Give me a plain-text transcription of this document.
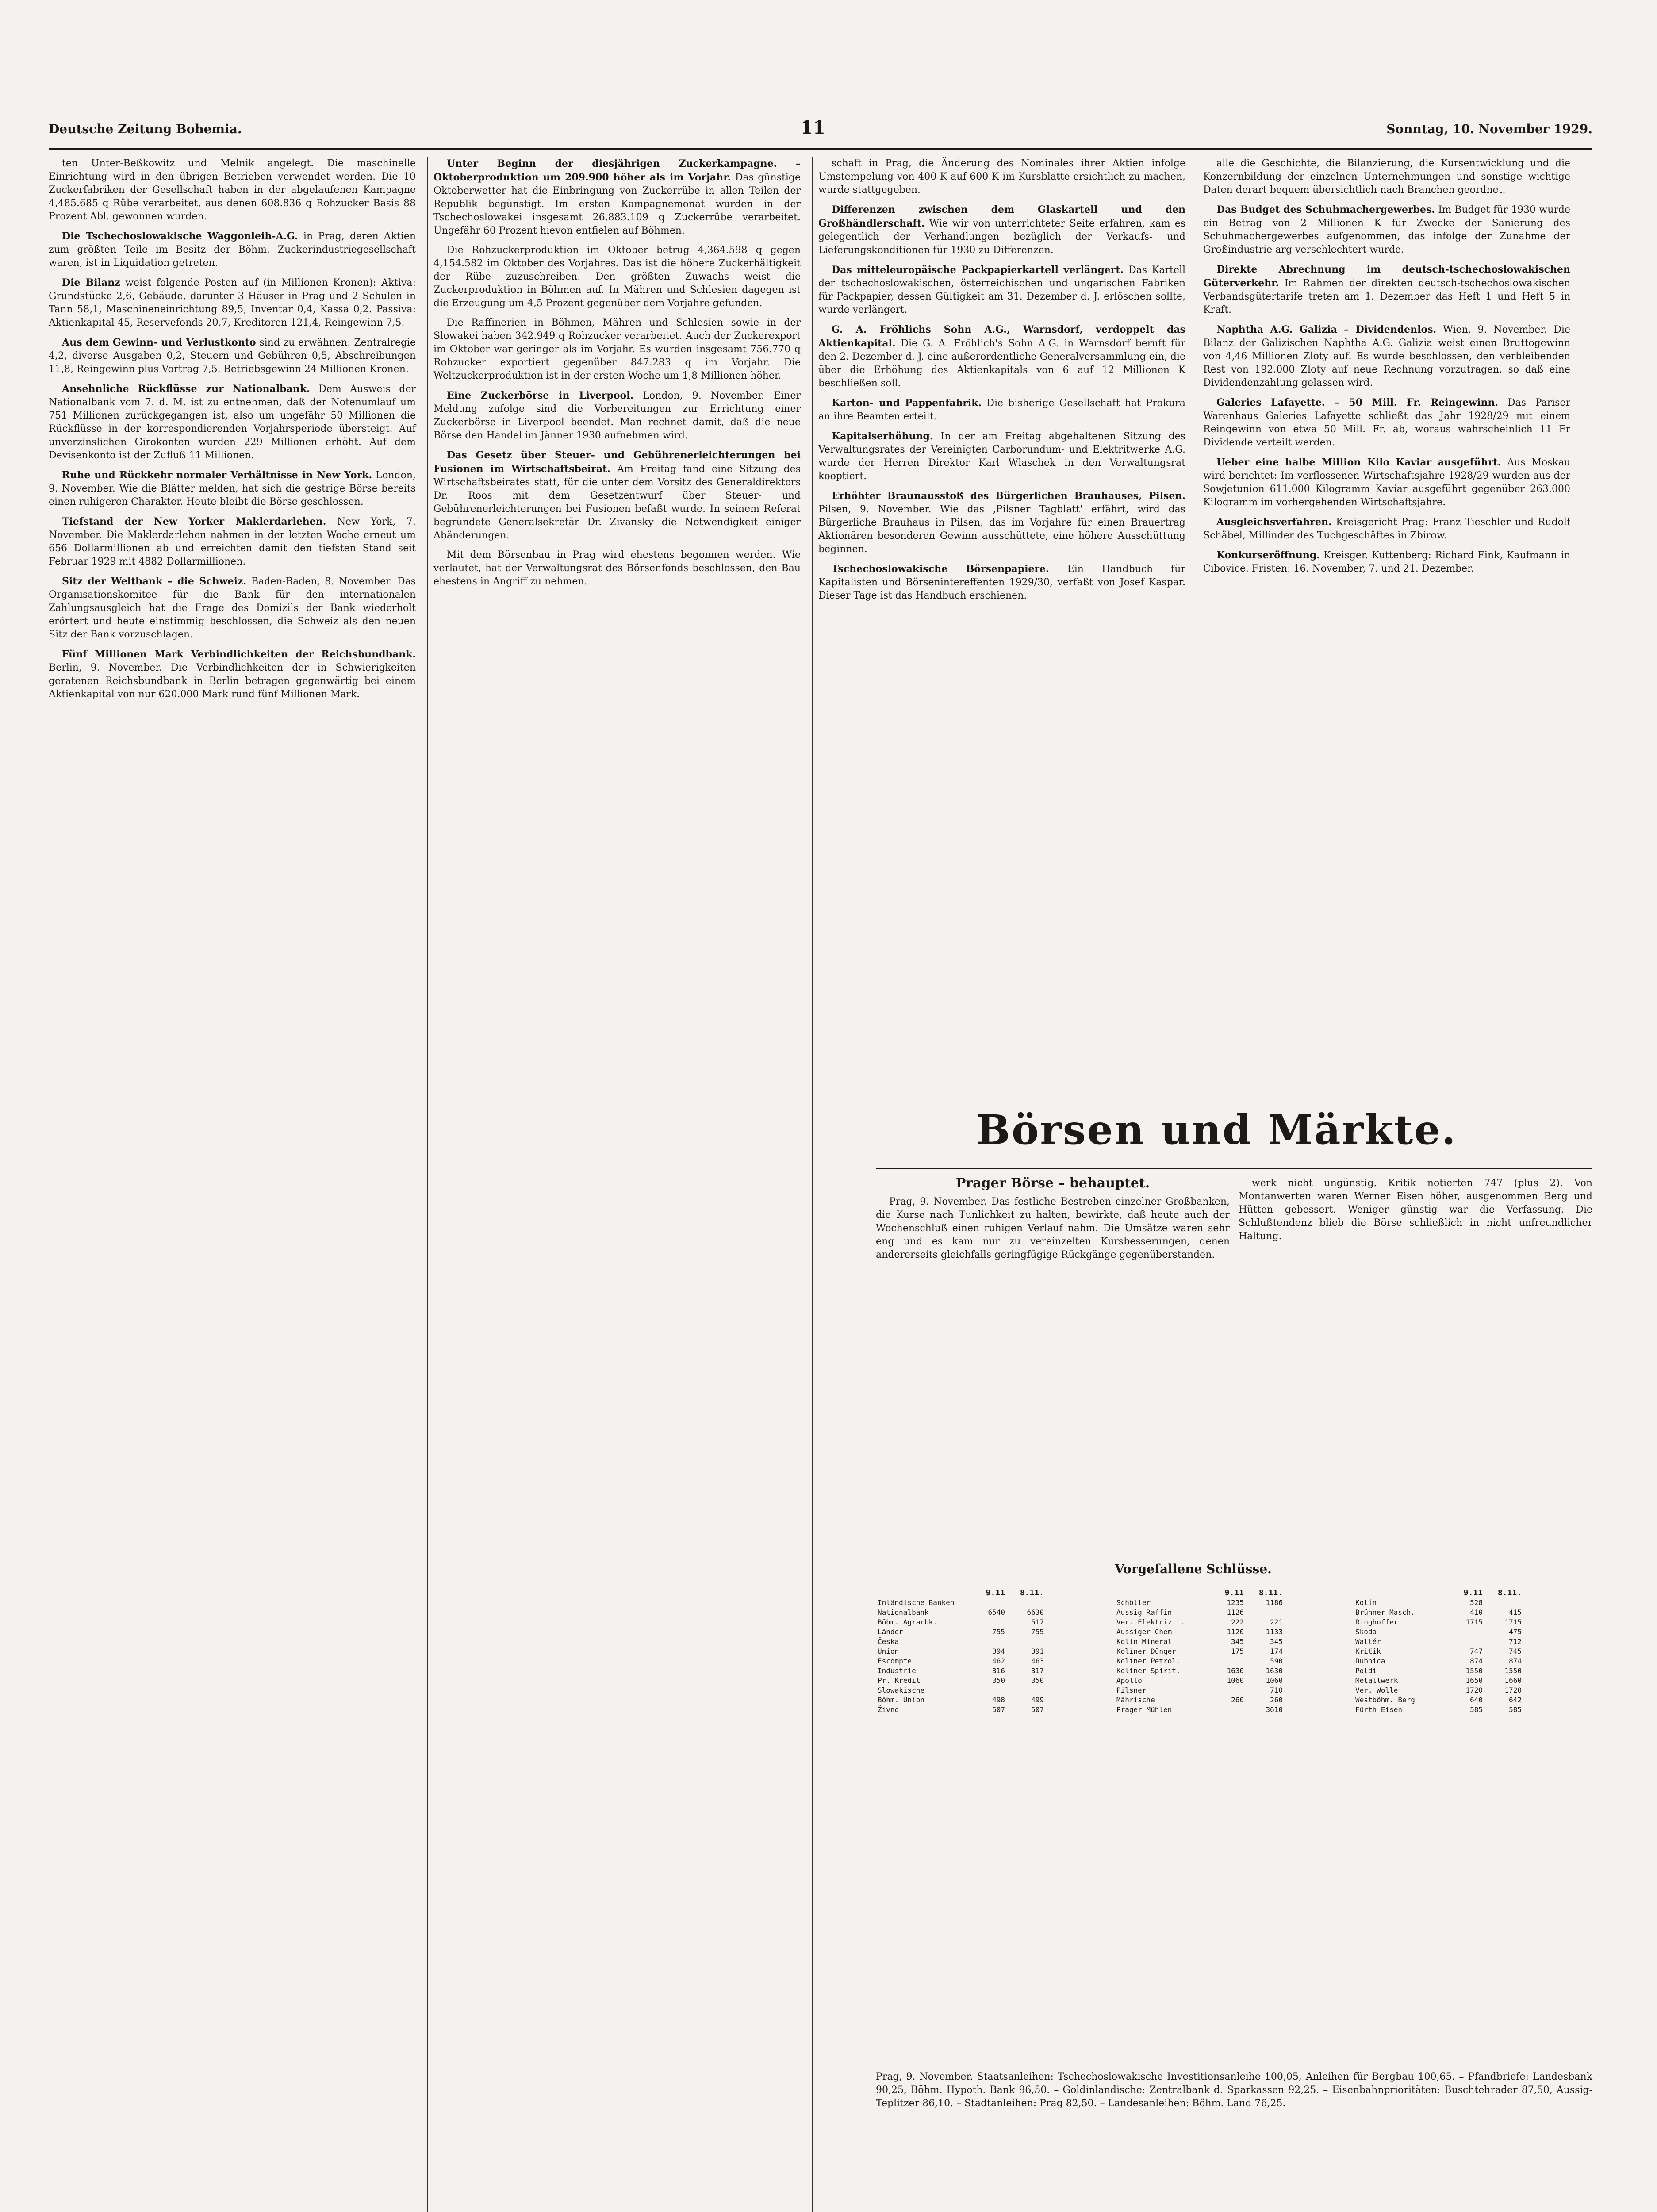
Deutsche Zeitung Bohemia.	11	Sonntag, 10. November 1929.

ten Unter-Beßkowitz und Melnik angelegt. Die maschinelle Einrichtung wird in den übrigen Betrieben verwendet werden. Die 10 Zuckerfabriken der Gesellschaft haben in der abgelaufenen Kampagne 4,485.685 q Rübe verarbeitet, aus denen 608.836 q Rohzucker Basis 88 Prozent Abl. gewonnen wurden.

Die Tschechoslowakische Waggonleih-A.G. in Prag, deren Aktien zum größten Teile im Besitz der Böhm. Zuckerindustriegesellschaft waren, ist in Liquidation getreten.

Die Bilanz weist folgende Posten auf (in Millionen Kronen): Aktiva: Grundstücke 2,6, Gebäude, darunter 3 Häuser in Prag und 2 Schulen in Tann 58,1, Maschineneinrichtung 89,5, Inventar 0,4, Kassa 0,2. Passiva: Aktienkapital 45, Reservefonds 20,7, Kreditoren 121,4, Reingewinn 7,5.

Aus dem Gewinn- und Verlustkonto sind zu erwähnen: Zentralregie 4,2, diverse Ausgaben 0,2, Steuern und Gebühren 0,5, Abschreibungen 11,8, Reingewinn plus Vortrag 7,5, Betriebsgewinn 24 Millionen Kronen.

Ansehnliche Rückflüsse zur Nationalbank. Dem Ausweis der Nationalbank vom 7. d. M. ist zu entnehmen, daß der Notenumlauf um 751 Millionen zurückgegangen ist, also um ungefähr 50 Millionen die Rückflüsse in der korrespondierenden Vorjahrsperiode übersteigt. Auf unverzinslichen Girokonten wurden 229 Millionen erhöht. Auf dem Devisenkonto ist der Zufluß 11 Millionen.

Ruhe und Rückkehr normaler Verhältnisse in New York. London, 9. November. Wie die Blätter melden, hat sich die gestrige Börse bereits einen ruhigeren Charakter. Heute bleibt die Börse geschlossen.

Tiefstand der New Yorker Maklerdarlehen. New York, 7. November. Die Maklerdarlehen nahmen in der letzten Woche erneut um 656 Dollarmillionen ab und erreichten damit den tiefsten Stand seit Februar 1929 mit 4882 Dollarmillionen.

Sitz der Weltbank – die Schweiz. Baden-Baden, 8. November. Das Organisationskomitee für die Bank für den internationalen Zahlungsausgleich hat die Frage des Domizils der Bank wiederholt erörtert und heute einstimmig beschlossen, die Schweiz als den neuen Sitz der Bank vorzuschlagen.

Fünf Millionen Mark Verbindlichkeiten der Reichsbundbank. Berlin, 9. November. Die Verbindlichkeiten der in Schwierigkeiten geratenen Reichsbundbank in Berlin betragen gegenwärtig bei einem Aktienkapital von nur 620.000 Mark rund fünf Millionen Mark.

Unter Beginn der diesjährigen Zuckerkampagne. – Oktoberproduktion um 209.900 höher als im Vorjahr. Das günstige Oktoberwetter hat die Einbringung von Zuckerrübe in allen Teilen der Republik begünstigt. Im ersten Kampagnemonat wurden in der Tschechoslowakei insgesamt 26.883.109 q Zuckerrübe verarbeitet. Ungefähr 60 Prozent hievon entfielen auf Böhmen.

Die Rohzuckerproduktion im Oktober betrug 4,364.598 q gegen 4,154.582 im Oktober des Vorjahres. Das ist die höhere Zuckerhältigkeit der Rübe zuzuschreiben. Den größten Zuwachs weist die Zuckerproduktion in Böhmen auf. In Mähren und Schlesien dagegen ist die Erzeugung um 4,5 Prozent gegenüber dem Vorjahre gefunden.

Die Raffinerien in Böhmen, Mähren und Schlesien sowie in der Slowakei haben 342.949 q Rohzucker verarbeitet. Auch der Zuckerexport im Oktober war geringer als im Vorjahr. Es wurden insgesamt 756.770 q Rohzucker exportiert gegenüber 847.283 q im Vorjahr. Die Weltzuckerproduktion ist in der ersten Woche um 1,8 Millionen höher.

Eine Zuckerbörse in Liverpool. London, 9. November. Einer Meldung zufolge sind die Vorbereitungen zur Errichtung einer Zuckerbörse in Liverpool beendet. Man rechnet damit, daß die neue Börse den Handel im Jänner 1930 aufnehmen wird.

Das Gesetz über Steuer- und Gebührenerleichterungen bei Fusionen im Wirtschaftsbeirat. Am Freitag fand eine Sitzung des Wirtschaftsbeirates statt, für die unter dem Vorsitz des Generaldirektors Dr. Roos mit dem Gesetzentwurf über Steuer- und Gebührenerleichterungen bei Fusionen befaßt wurde. In seinem Referat begründete Generalsekretär Dr. Zivansky die Notwendigkeit einiger Abänderungen.

Mit dem Börsenbau in Prag wird ehestens begonnen werden. Wie verlautet, hat der Verwaltungsrat des Börsenfonds beschlossen, den Bau ehestens in Angriff zu nehmen.

schaft in Prag, die Änderung des Nominales ihrer Aktien infolge Umstempelung von 400 K auf 600 K im Kursblatte ersichtlich zu machen, wurde stattgegeben.

Differenzen zwischen dem Glaskartell und den Großhändlerschaft. Wie wir von unterrichteter Seite erfahren, kam es gelegentlich der Verhandlungen bezüglich der Verkaufs- und Lieferungskonditionen für 1930 zu Differenzen.

Das mitteleuropäische Packpapierkartell verlängert. Das Kartell der tschechoslowakischen, österreichischen und ungarischen Fabriken für Packpapier, dessen Gültigkeit am 31. Dezember d. J. erlöschen sollte, wurde verlängert.

G. A. Fröhlichs Sohn A.G., Warnsdorf, verdoppelt das Aktienkapital. Die G. A. Fröhlich's Sohn A.G. in Warnsdorf beruft für den 2. Dezember d. J. eine außerordentliche Generalversammlung ein, die über die Erhöhung des Aktienkapitals von 6 auf 12 Millionen K beschließen soll.

Karton- und Pappenfabrik. Die bisherige Gesellschaft hat Prokura an ihre Beamten erteilt.

Kapitalserhöhung. In der am Freitag abgehaltenen Sitzung des Verwaltungsrates der Vereinigten Carborundum- und Elektritwerke A.G. wurde der Herren Direktor Karl Wlaschek in den Verwaltungsrat kooptiert.

Erhöhter Braunausstoß des Bürgerlichen Brauhauses, Pilsen. Pilsen, 9. November. Wie das ‚Pilsner Tagblatt' erfährt, wird das Bürgerliche Brauhaus in Pilsen, das im Vorjahre für einen Brauertrag Aktionären besonderen Gewinn ausschüttete, eine höhere Ausschüttung beginnen.

Tschechoslowakische Börsenpapiere. Ein Handbuch für Kapitalisten und Börsenintereffenten 1929/30, verfaßt von Josef Kaspar. Dieser Tage ist das Handbuch erschienen.

alle die Geschichte, die Bilanzierung, die Kursentwicklung und die Konzernbildung der einzelnen Unternehmungen und sonstige wichtige Daten derart bequem übersichtlich nach Branchen geordnet.

Das Budget des Schuhmachergewerbes. Im Budget für 1930 wurde ein Betrag von 2 Millionen K für Zwecke der Sanierung des Schuhmachergewerbes aufgenommen, das infolge der Zunahme der Großindustrie arg verschlechtert wurde.

Direkte Abrechnung im deutsch-tschechoslowakischen Güterverkehr. Im Rahmen der direkten deutsch-tschechoslowakischen Verbandsgütertarife treten am 1. Dezember das Heft 1 und Heft 5 in Kraft.

Naphtha A.G. Galizia – Dividendenlos. Wien, 9. November. Die Bilanz der Galizischen Naphtha A.G. Galizia weist einen Bruttogewinn von 4,46 Millionen Zloty auf. Es wurde beschlossen, den verbleibenden Rest von 192.000 Zloty auf neue Rechnung vorzutragen, so daß eine Dividendenzahlung gelassen wird.

Galeries Lafayette. – 50 Mill. Fr. Reingewinn. Das Pariser Warenhaus Galeries Lafayette schließt das Jahr 1928/29 mit einem Reingewinn von etwa 50 Mill. Fr. ab, woraus wahrscheinlich 11 Fr Dividende verteilt werden.

Ueber eine halbe Million Kilo Kaviar ausgeführt. Aus Moskau wird berichtet: Im verflossenen Wirtschaftsjahre 1928/29 wurden aus der Sowjetunion 611.000 Kilogramm Kaviar ausgeführt gegenüber 263.000 Kilogramm im vorhergehenden Wirtschaftsjahre.

Ausgleichsverfahren. Kreisgericht Prag: Franz Tieschler und Rudolf Schäbel, Millinder des Tuchgeschäftes in Zbirow.

Konkurseröffnung. Kreisger. Kuttenberg: Richard Fink, Kaufmann in Cibovice. Fristen: 16. November, 7. und 21. Dezember.

Börsen und Märkte.

Prager Börse – behauptet.

Prag, 9. November. Das festliche Bestreben einzelner Großbanken, die Kurse nach Tunlichkeit zu halten, bewirkte, daß heute auch der Wochenschluß einen ruhigen Verlauf nahm. Die Umsätze waren sehr eng und es kam nur zu vereinzelten Kursbesserungen, denen andererseits gleichfalls geringfügige Rückgänge gegenüberstanden.

werk nicht ungünstig. Kritik notierten 747 (plus 2). Von Montanwerten waren Werner Eisen höher, ausgenommen Berg und Hütten gebessert. Weniger günstig war die Verfassung. Die Schlußtendenz blieb die Börse schließlich in nicht unfreundlicher Haltung.

Vorgefallene Schlüsse.
	9.11	8.11.
Inländische Banken		
Nationalbank	6540	6630
Böhm. Agrarbk.		517
Länder	755	755
Česka		
Union	394	391
Escompte	462	463
Industrie	316	317
Pr. Kredit	350	350
Slowakische		
Böhm. Union	498	499
Živno	507	507
	9.11	8.11.
Schöller	1235	1186
Aussig Raffin.	1126	
Ver. Elektrizit.	222	221
Aussiger Chem.	1120	1133
Kolin Mineral	345	345
Kolíner Dünger	175	174
Kolíner Petrol.		590
Kolíner Spirit.	1630	1630
Apollo	1060	1060
Pilsner		710
Mährische	260	260
Prager Mühlen		3610
	9.11	8.11.
Kolín	528	
Brünner Masch.	410	415
Ringhoffer	1715	1715
Škoda		475
Waltér		712
Kriťik	747	745
Dubnica	874	874
Poldi	1550	1550
Metallwerk	1650	1660
Ver. Wolle	1720	1720
Westböhm. Berg	640	642
Fürth Eisen	585	585
Prag, 9. November. Staatsanleihen: Tschechoslowakische Investitionsanleihe 100,05, Anleihen für Bergbau 100,65. – Pfandbriefe: Landesbank 90,25, Böhm. Hypoth. Bank 96,50. – Goldinlandische: Zentralbank d. Sparkassen 92,25. – Eisenbahnprioritäten: Buschtehrader 87,50, Aussig-Teplitzer 86,10. – Stadtanleihen: Prag 82,50. – Landesanleihen: Böhm. Land 76,25.
